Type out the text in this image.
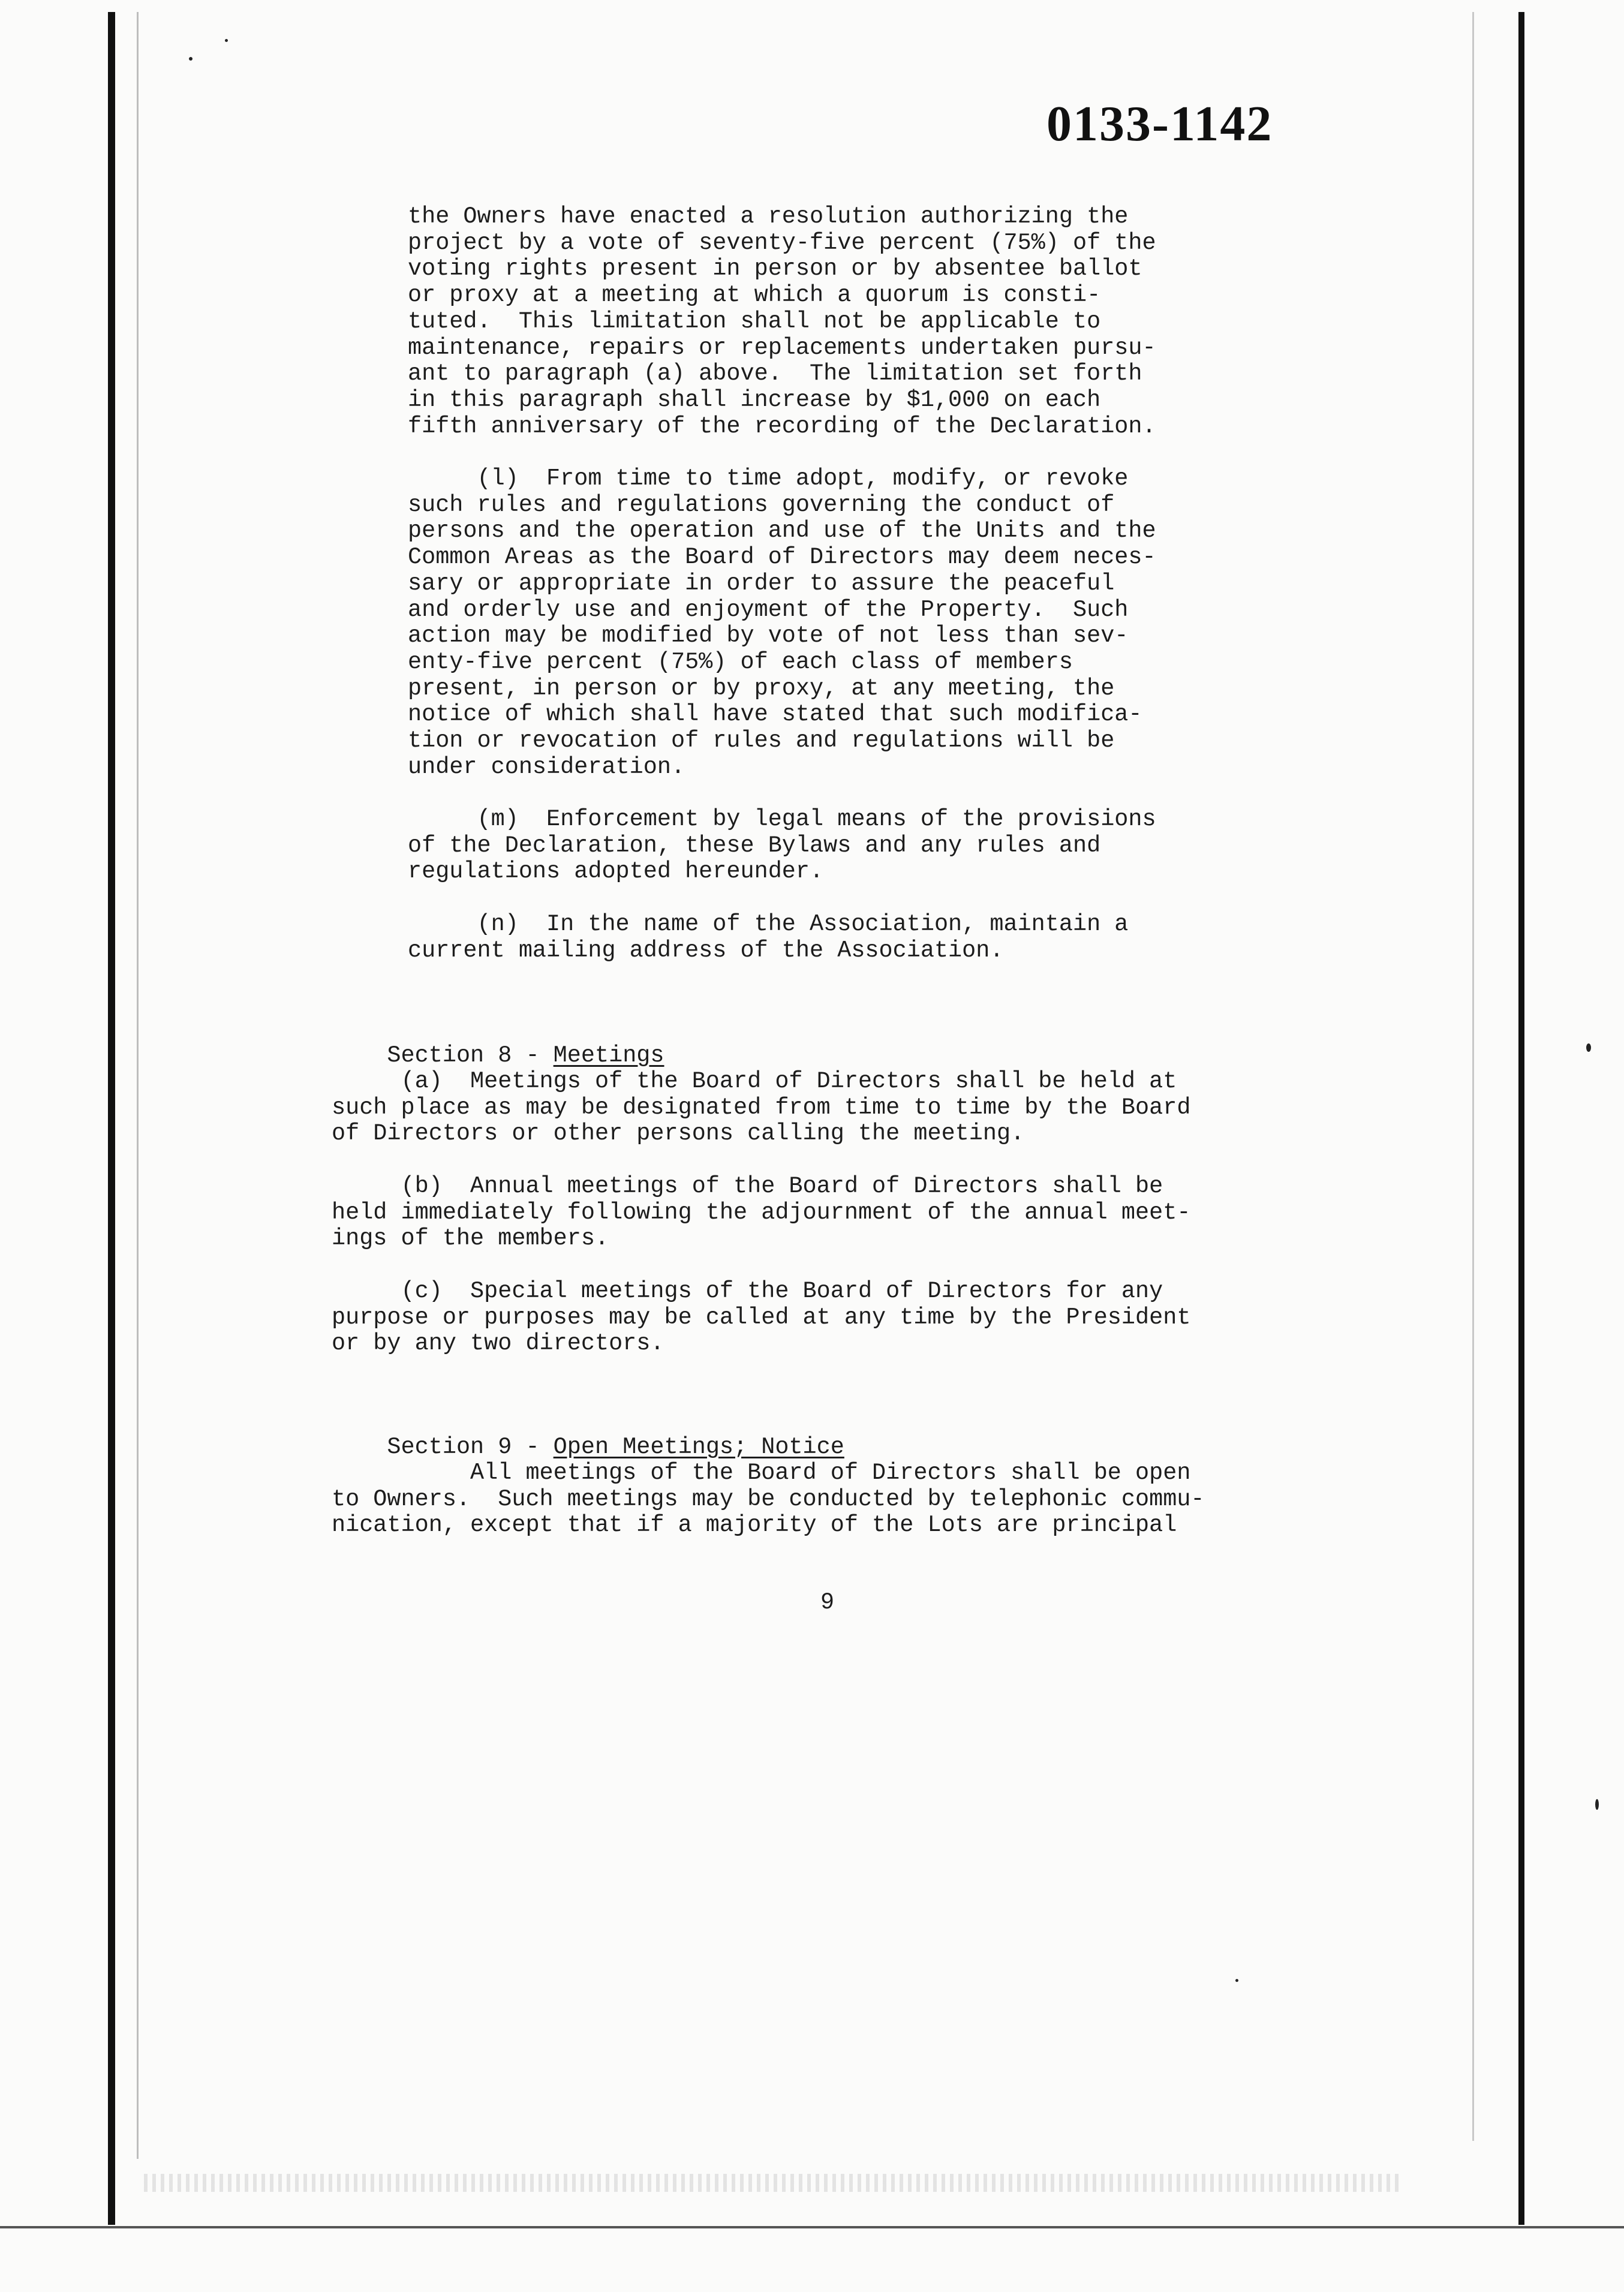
0133-1142
the Owners have enacted a resolution authorizing the
project by a vote of seventy-five percent (75%) of the
voting rights present in person or by absentee ballot
or proxy at a meeting at which a quorum is consti-
tuted.  This limitation shall not be applicable to
maintenance, repairs or replacements undertaken pursu-
ant to paragraph (a) above.  The limitation set forth
in this paragraph shall increase by $1,000 on each
fifth anniversary of the recording of the Declaration.
(l)  From time to time adopt, modify, or revoke
such rules and regulations governing the conduct of
persons and the operation and use of the Units and the
Common Areas as the Board of Directors may deem neces-
sary or appropriate in order to assure the peaceful
and orderly use and enjoyment of the Property.  Such
action may be modified by vote of not less than sev-
enty-five percent (75%) of each class of members
present, in person or by proxy, at any meeting, the
notice of which shall have stated that such modifica-
tion or revocation of rules and regulations will be
under consideration.
(m)  Enforcement by legal means of the provisions
of the Declaration, these Bylaws and any rules and
regulations adopted hereunder.
(n)  In the name of the Association, maintain a
current mailing address of the Association.

Section 8 - Meetings

(a)  Meetings of the Board of Directors shall be held at
such place as may be designated from time to time by the Board
of Directors or other persons calling the meeting.
(b)  Annual meetings of the Board of Directors shall be
held immediately following the adjournment of the annual meet-
ings of the members.
(c)  Special meetings of the Board of Directors for any
purpose or purposes may be called at any time by the President
or by any two directors.

Section 9 - Open Meetings; Notice

All meetings of the Board of Directors shall be open
to Owners.  Such meetings may be conducted by telephonic commu-
nication, except that if a majority of the Lots are principal
9
